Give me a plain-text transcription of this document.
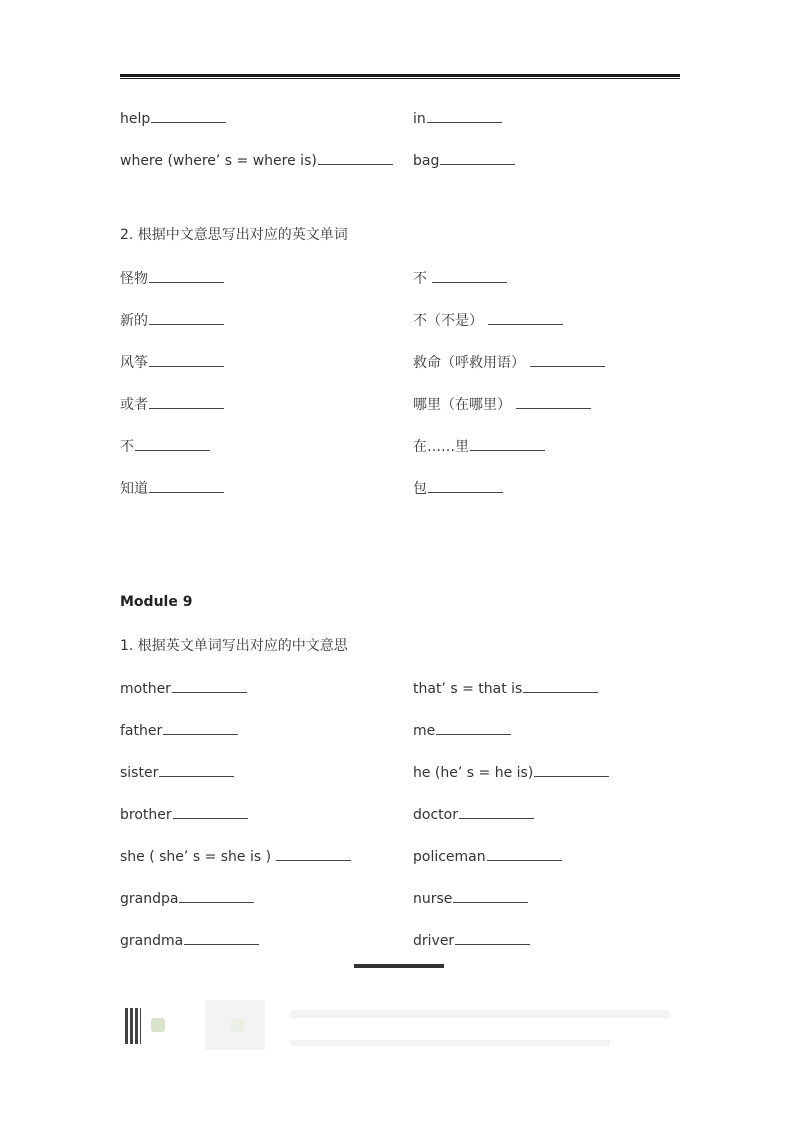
help	in
where (where’ s = where is)	bag
2. 根据中文意思写出对应的英文单词
怪物	不
新的	不（不是）
风筝	救命（呼救用语）
或者	哪里（在哪里）
不	在……里
知道	包
Module 9
1. 根据英文单词写出对应的中文意思
mother	that’ s = that is
father	me
sister	he (he’ s = he is)
brother	doctor
she ( she’ s = she is )	policeman
grandpa	nurse
grandma	driver
